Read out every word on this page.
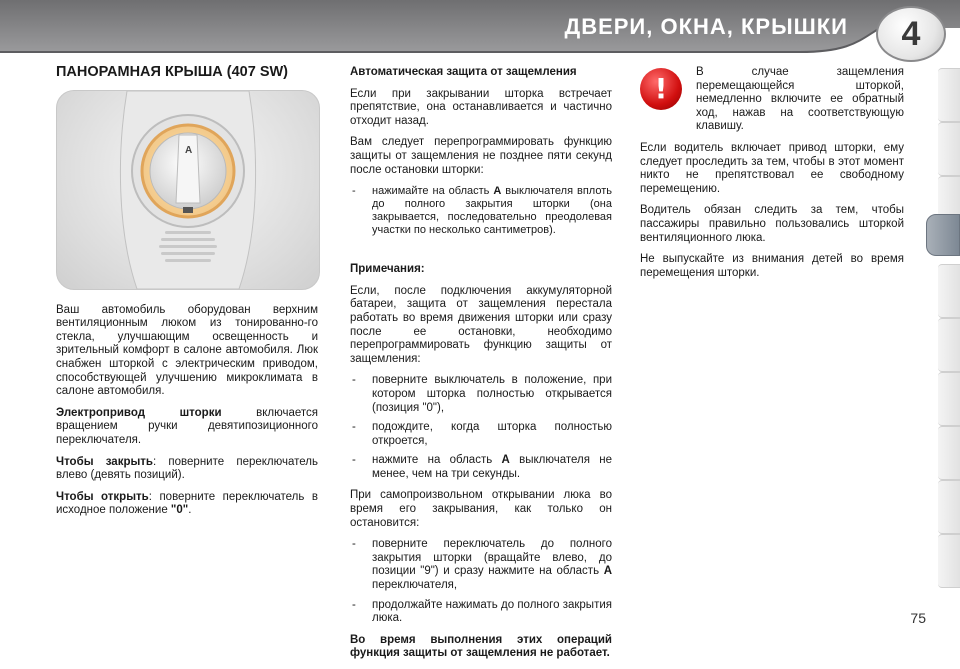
ДВЕРИ, ОКНА, КРЫШКИ 4
ПАНОРАМНАЯ КРЫША (407 SW)
A

Ваш автомобиль оборудован верхним вентиляционным люком из тонированно-го стекла, улучшающим освещенность и зрительный комфорт в салоне автомобиля. Люк снабжен шторкой с электрическим приводом, способствующей улучшению микроклимата в салоне автомобиля.

Электропривод шторки включается вращением ручки девятипозиционного переключателя.

Чтобы закрыть: поверните переключатель влево (девять позиций).

Чтобы открыть: поверните переключатель в исходное положение "0".

Автоматическая защита от защемления

Если при закрывании шторка встречает препятствие, она останавливается и частично отходит назад.

Вам следует перепрограммировать функцию защиты от защемления не позднее пяти секунд после остановки шторки:

- нажимайте на область A выключателя вплоть до полного закрытия шторки (она закрывается, последовательно преодолевая участки по несколько сантиметров).
Примечания:

Если, после подключения аккумуляторной батареи, защита от защемления перестала работать во время движения шторки или сразу после ее остановки, необходимо перепрограммировать функцию защиты от защемления:

- поверните выключатель в положение, при котором шторка полностью открывается (позиция "0"),
- подождите, когда шторка полностью откроется,
- нажмите на область A выключателя не менее, чем на три секунды.

При самопроизвольном открывании люка во время его закрывания, как только он остановится:

- поверните переключатель до полного закрытия шторки (вращайте влево, до позиции "9") и сразу нажмите на область A переключателя,
- продолжайте нажимать до полного закрытия люка.

Во время выполнения этих операций функция защиты от защемления не работает.

!
В случае защемления перемещающейся шторкой, немедленно включите ее обратный ход, нажав на соответствующую клавишу.

Если водитель включает привод шторки, ему следует проследить за тем, чтобы в этот момент никто не препятствовал ее свободному перемещению.

Водитель обязан следить за тем, чтобы пассажиры правильно пользовались шторкой вентиляционного люка.

Не выпускайте из внимания детей во время перемещения шторки.

75
